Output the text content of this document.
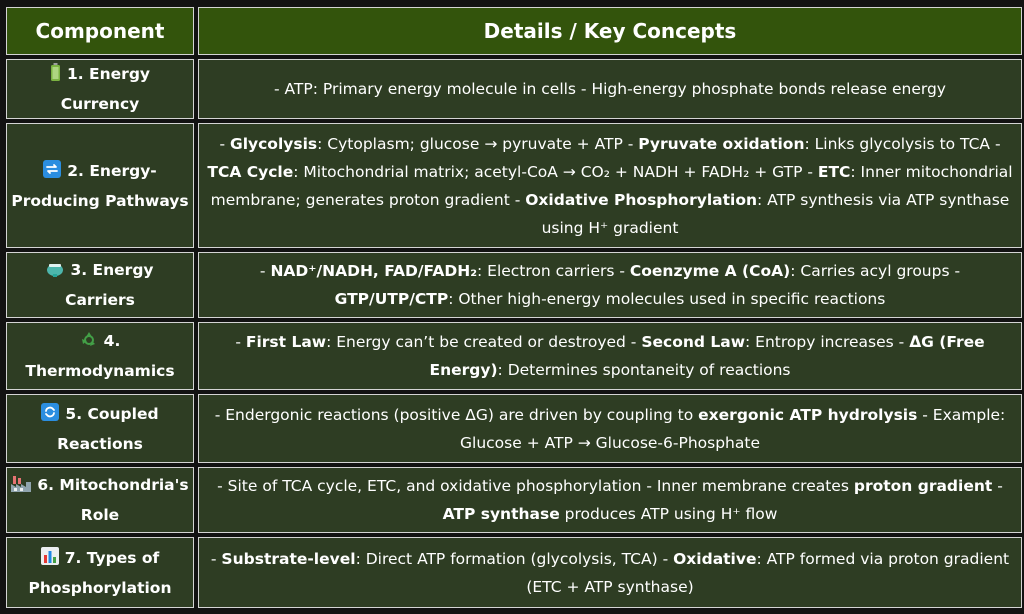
Component	Details / Key Concepts
1. Energy Currency	- ATP: Primary energy molecule in cells - High-energy phosphate bonds release energy
2. Energy-Producing Pathways	- Glycolysis: Cytoplasm; glucose → pyruvate + ATP - Pyruvate oxidation: Links glycolysis to TCA - TCA Cycle: Mitochondrial matrix; acetyl-CoA → CO₂ + NADH + FADH₂ + GTP - ETC: Inner mitochondrial membrane; generates proton gradient - Oxidative Phosphorylation: ATP synthesis via ATP synthase using H⁺ gradient
3. Energy Carriers	- NAD⁺/NADH, FAD/FADH₂: Electron carriers - Coenzyme A (CoA): Carries acyl groups - GTP/UTP/CTP: Other high-energy molecules used in specific reactions
4. Thermodynamics	- First Law: Energy can’t be created or destroyed - Second Law: Entropy increases - ΔG (Free Energy): Determines spontaneity of reactions
5. Coupled Reactions	- Endergonic reactions (positive ΔG) are driven by coupling to exergonic ATP hydrolysis - Example: Glucose + ATP → Glucose-6-Phosphate
6. Mitochondria's Role	- Site of TCA cycle, ETC, and oxidative phosphorylation - Inner membrane creates proton gradient - ATP synthase produces ATP using H⁺ flow
7. Types of Phosphorylation	- Substrate-level: Direct ATP formation (glycolysis, TCA) - Oxidative: ATP formed via proton gradient (ETC + ATP synthase)
